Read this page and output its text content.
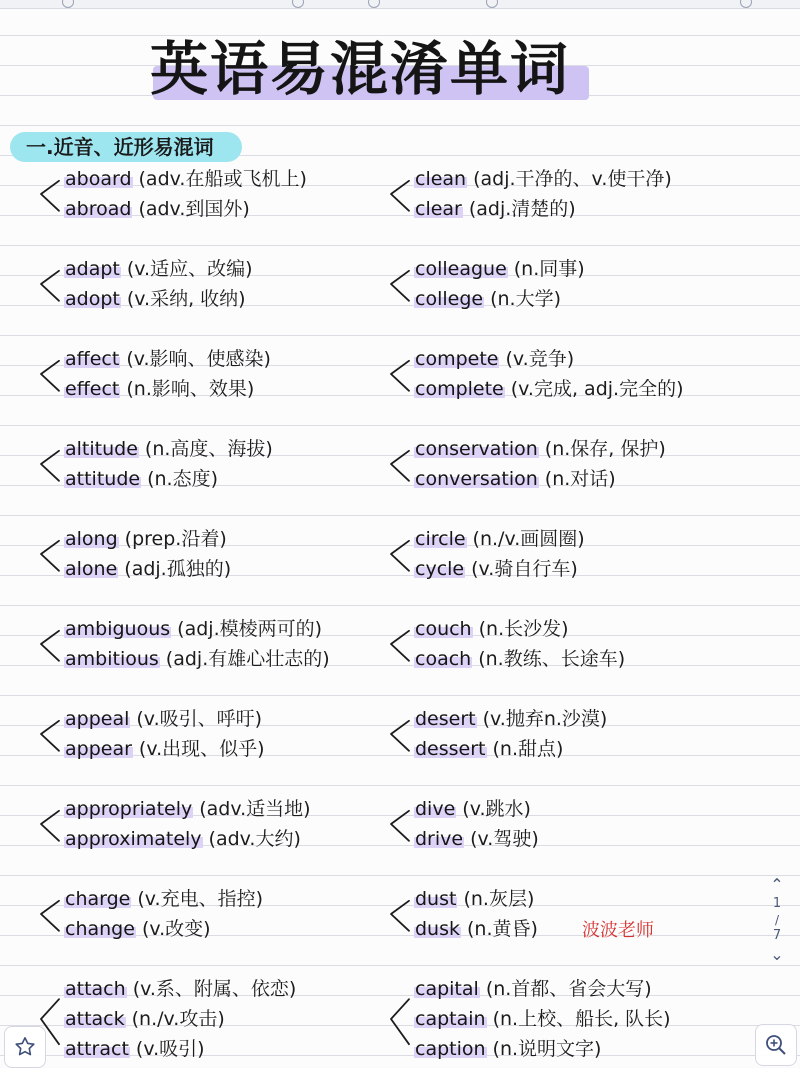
英语易混淆单词
一.近音、近形易混词
aboard (adv.在船或飞机上)
abroad (adv.到国外)
adapt (v.适应、改编)
adopt (v.采纳, 收纳)
affect (v.影响、使感染)
effect (n.影响、效果)
altitude (n.高度、海拔)
attitude (n.态度)
along (prep.沿着)
alone (adj.孤独的)
ambiguous (adj.模棱两可的)
ambitious (adj.有雄心壮志的)
appeal (v.吸引、呼吁)
appear (v.出现、似乎)
appropriately (adv.适当地)
approximately (adv.大约)
charge (v.充电、指控)
change (v.改变)
attach (v.系、附属、依恋)
attack (n./v.攻击)
attract (v.吸引)
clean (adj.干净的、v.使干净)
clear (adj.清楚的)
colleague (n.同事)
college (n.大学)
compete (v.竞争)
complete (v.完成, adj.完全的)
conservation (n.保存, 保护)
conversation (n.对话)
circle (n./v.画圆圈)
cycle (v.骑自行车)
couch (n.长沙发)
coach (n.教练、长途车)
desert (v.抛弃n.沙漠)
dessert (n.甜点)
dive (v.跳水)
drive (v.驾驶)
dust (n.灰层)
dusk (n.黄昏)
capital (n.首都、省会大写)
captain (n.上校、船长, 队长)
caption (n.说明文字)
波波老师
⌃
1
/
7
⌄
